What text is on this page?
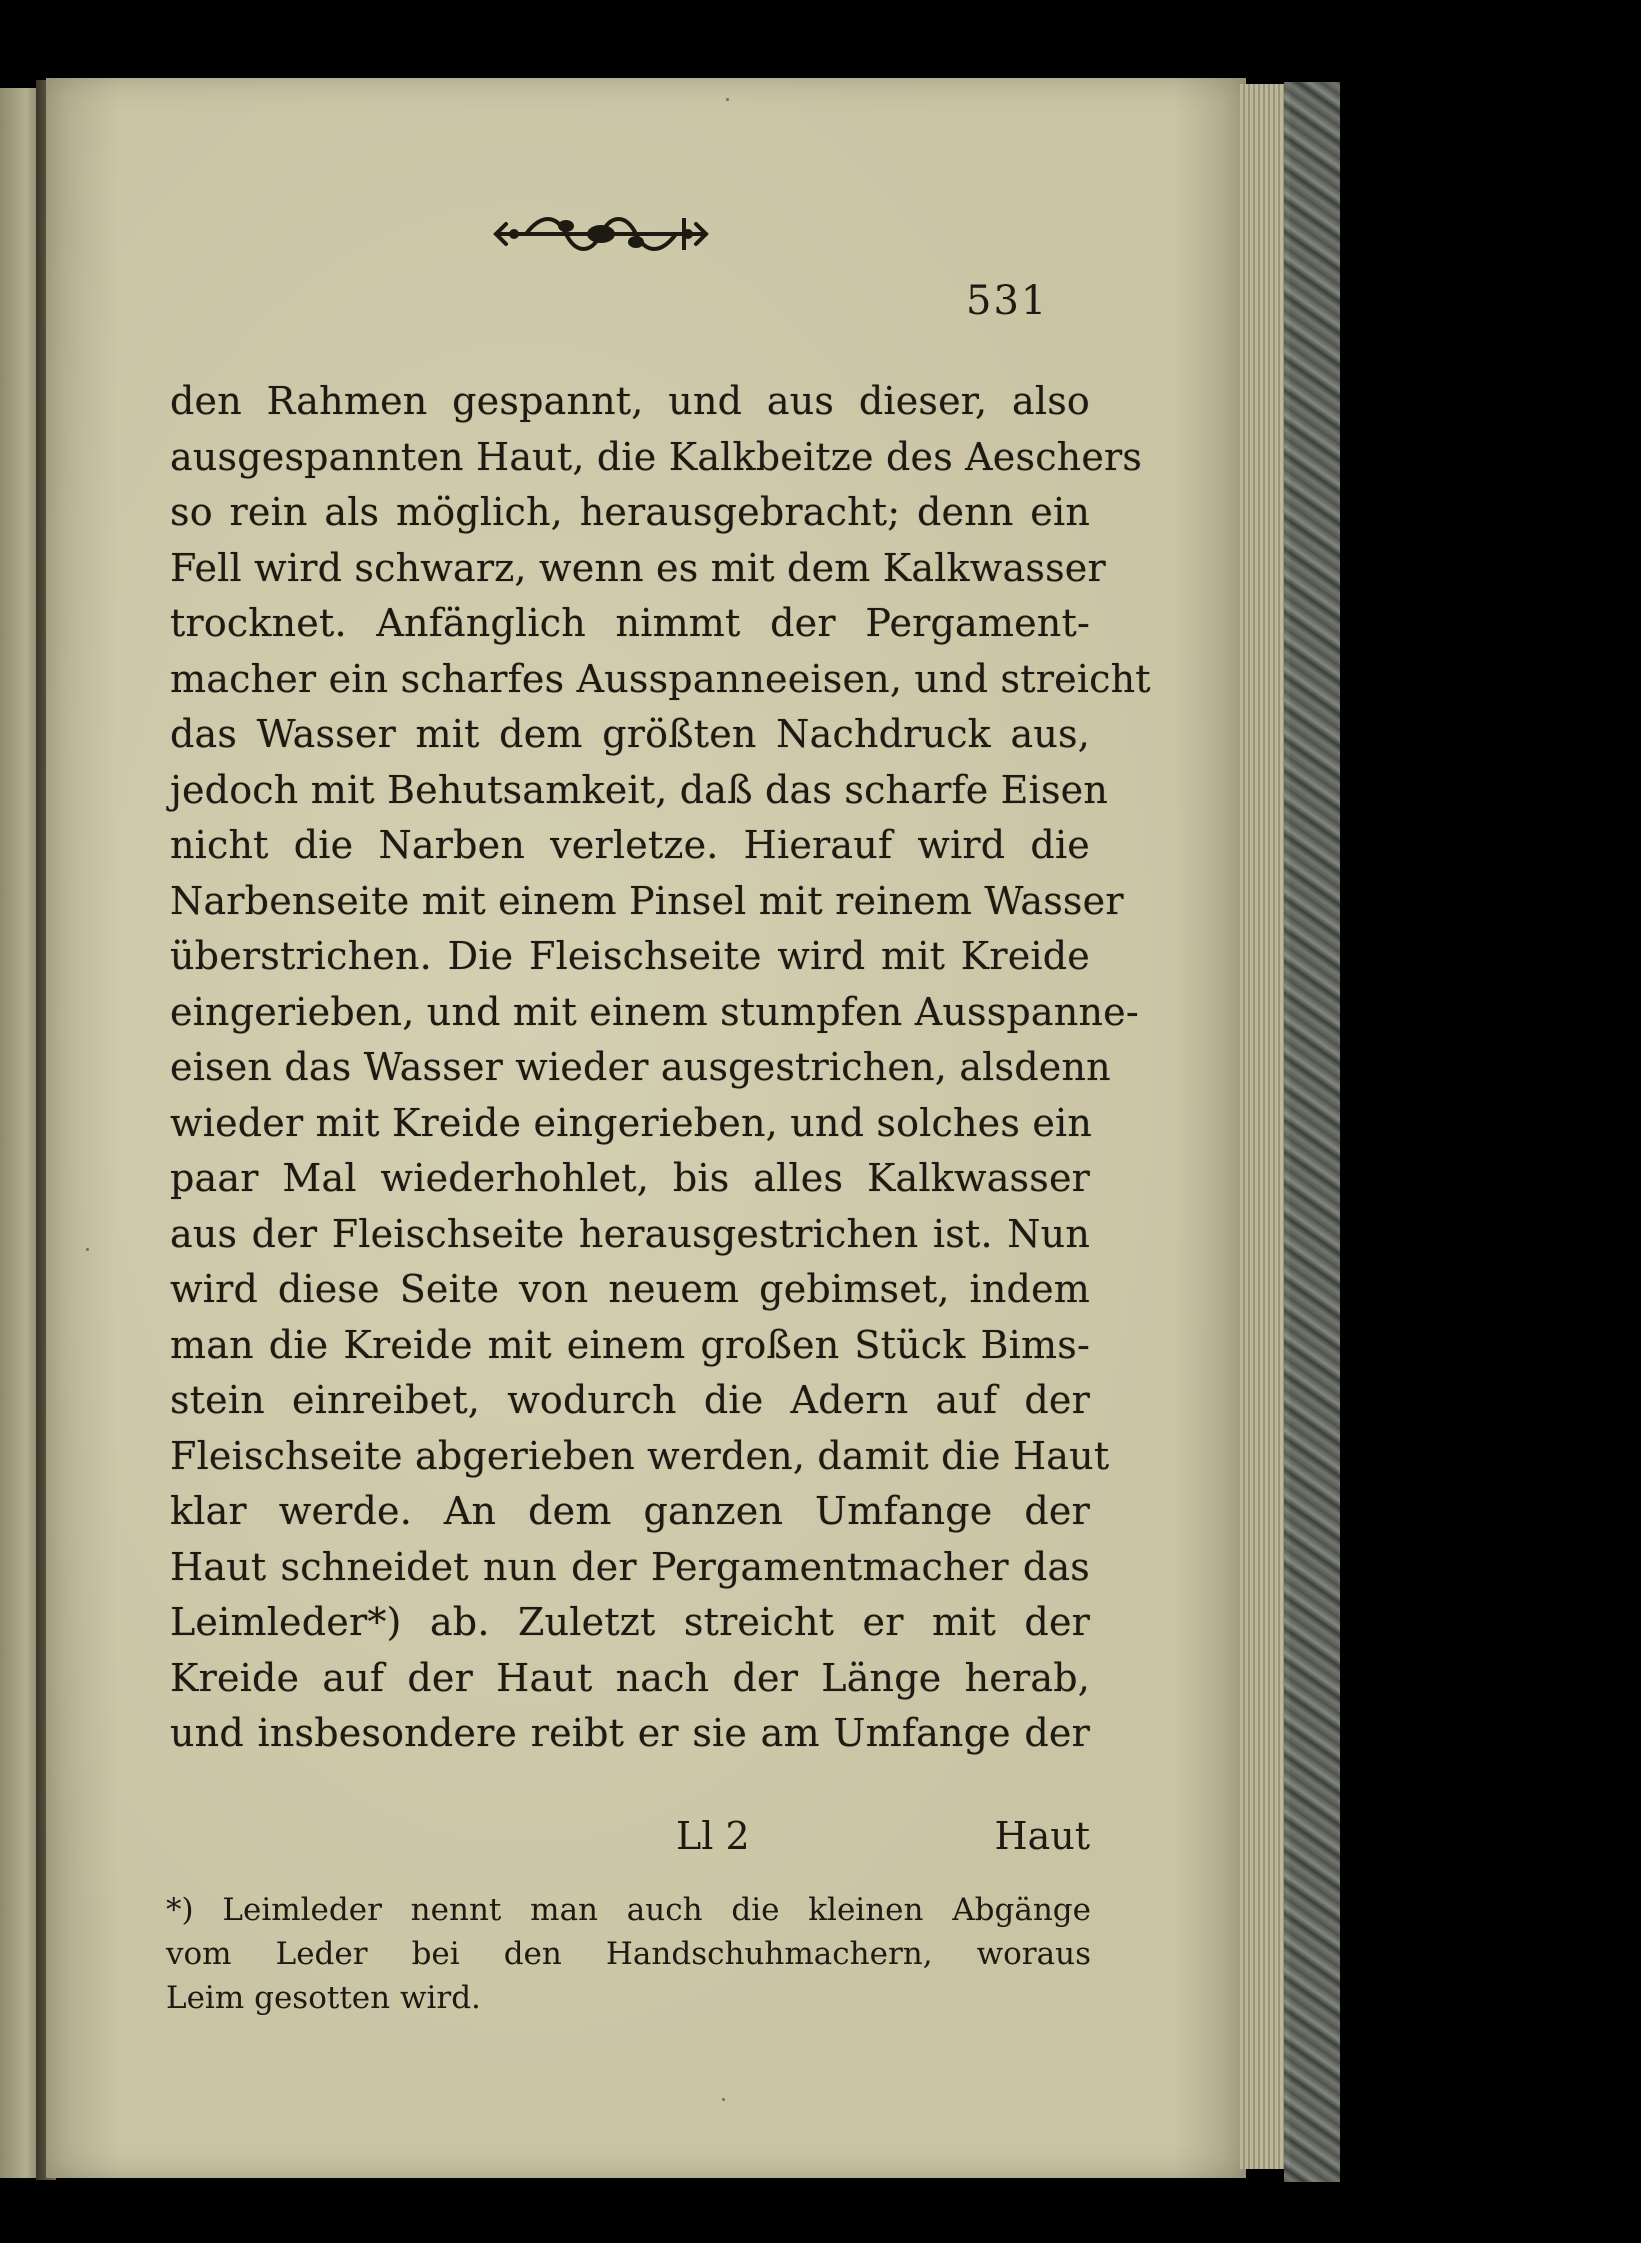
531
den Rahmen gespannt, und aus dieser, also
ausgespannten Haut, die Kalkbeitze des Aeschers
so rein als möglich, herausgebracht; denn ein
Fell wird schwarz, wenn es mit dem Kalkwasser
trocknet. Anfänglich nimmt der Pergament-
macher ein scharfes Ausspanneeisen, und streicht
das Wasser mit dem größten Nachdruck aus,
jedoch mit Behutsamkeit, daß das scharfe Eisen
nicht die Narben verletze. Hierauf wird die
Narbenseite mit einem Pinsel mit reinem Wasser
überstrichen. Die Fleischseite wird mit Kreide
eingerieben, und mit einem stumpfen Ausspanne-
eisen das Wasser wieder ausgestrichen, alsdenn
wieder mit Kreide eingerieben, und solches ein
paar Mal wiederhohlet, bis alles Kalkwasser
aus der Fleischseite herausgestrichen ist. Nun
wird diese Seite von neuem gebimset, indem
man die Kreide mit einem großen Stück Bims-
stein einreibet, wodurch die Adern auf der
Fleischseite abgerieben werden, damit die Haut
klar werde. An dem ganzen Umfange der
Haut schneidet nun der Pergamentmacher das
Leimleder*) ab. Zuletzt streicht er mit der
Kreide auf der Haut nach der Länge herab,
und insbesondere reibt er sie am Umfange der
Ll 2	Haut
*) Leimleder nennt man auch die kleinen Abgänge
vom Leder bei den Handschuhmachern, woraus
Leim gesotten wird.
